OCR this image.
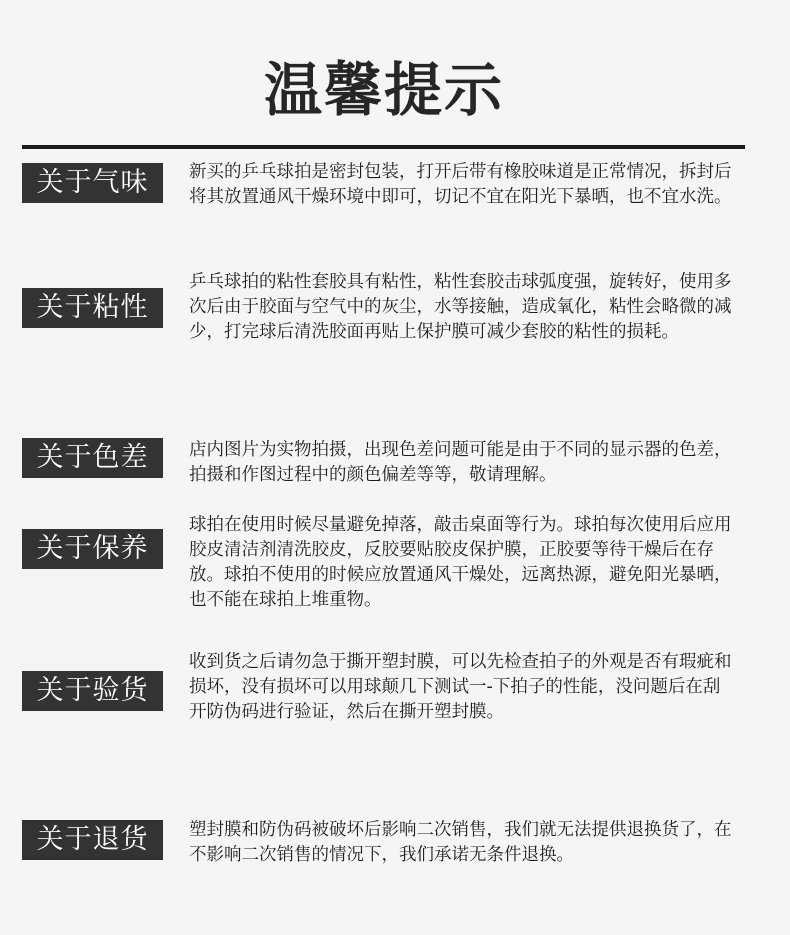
温馨提示
关于气味	新买的乒乓球拍是密封包装，打开后带有橡胶味道是正常情况，拆封后将其放置通风干燥环境中即可，切记不宜在阳光下暴晒，也不宜水洗。

关于粘性

乒乓球拍的粘性套胶具有粘性，粘性套胶击球弧度强，旋转好，使用多次后由于胶面与空气中的灰尘，水等接触，造成氧化，粘性会略微的减少，打完球后清洗胶面再贴上保护膜可减少套胶的粘性的损耗。

关于色差	店内图片为实物拍摄，出现色差问题可能是由于不同的显示器的色差，拍摄和作图过程中的颜色偏差等等，敬请理解。

关于保养

球拍在使用时候尽量避免掉落，敲击桌面等行为。球拍每次使用后应用胶皮清洁剂清洗胶皮，反胶要贴胶皮保护膜，正胶要等待干燥后在存放。球拍不使用的时候应放置通风干燥处，远离热源，避免阳光暴晒，也不能在球拍上堆重物。

关于验货

收到货之后请勿急于撕开塑封膜，可以先检查拍子的外观是否有瑕疵和损坏，没有损坏可以用球颠几下测试一-下拍子的性能，没问题后在刮开防伪码进行验证，然后在撕开塑封膜。

关于退货	塑封膜和防伪码被破坏后影响二次销售，我们就无法提供退换货了，在不影响二次销售的情况下，我们承诺无条件退换。
